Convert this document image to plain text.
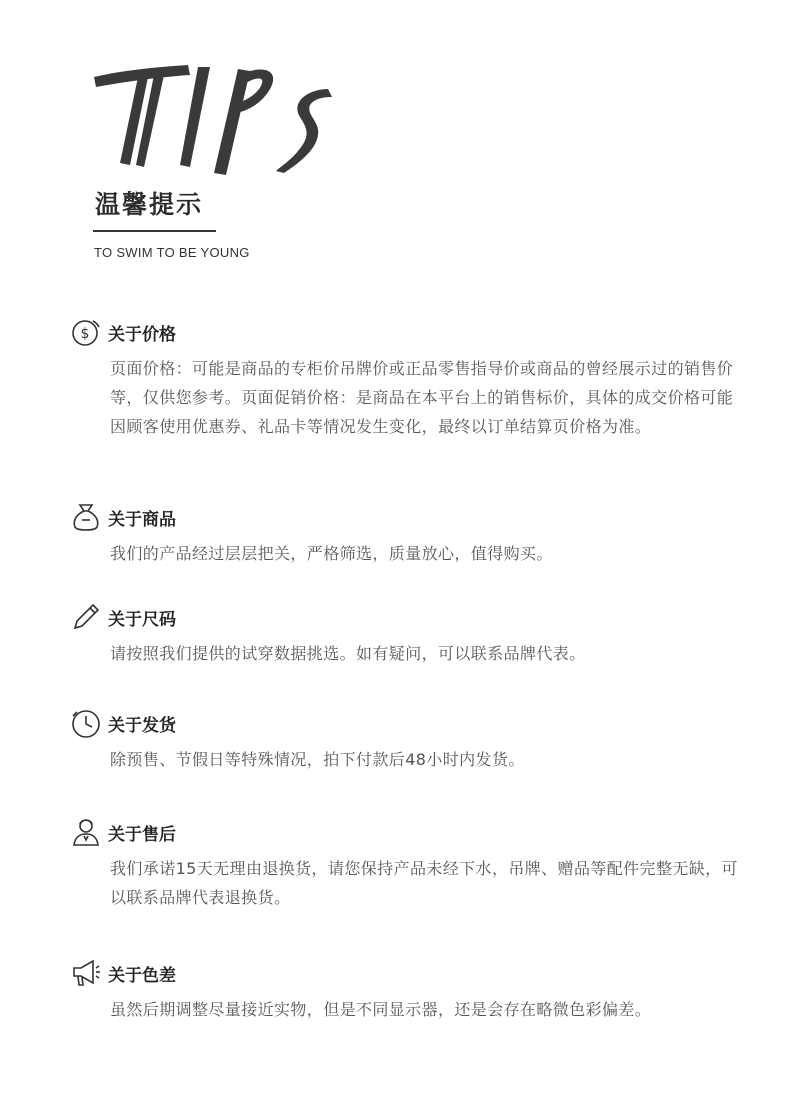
温馨提示
TO SWIM TO BE YOUNG
$ 关于价格
页面价格：可能是商品的专柜价吊牌价或正品零售指导价或商品的曾经展示过的销售价等，仅供您参考。页面促销价格：是商品在本平台上的销售标价，具体的成交价格可能因顾客使用优惠券、礼品卡等情况发生变化，最终以订单结算页价格为准。
关于商品
我们的产品经过层层把关，严格筛选，质量放心，值得购买。
关于尺码
请按照我们提供的试穿数据挑选。如有疑问，可以联系品牌代表。
关于发货
除预售、节假日等特殊情况，拍下付款后48小时内发货。
关于售后
我们承诺15天无理由退换货，请您保持产品未经下水，吊牌、赠品等配件完整无缺，可以联系品牌代表退换货。
关于色差
虽然后期调整尽量接近实物，但是不同显示器，还是会存在略微色彩偏差。
